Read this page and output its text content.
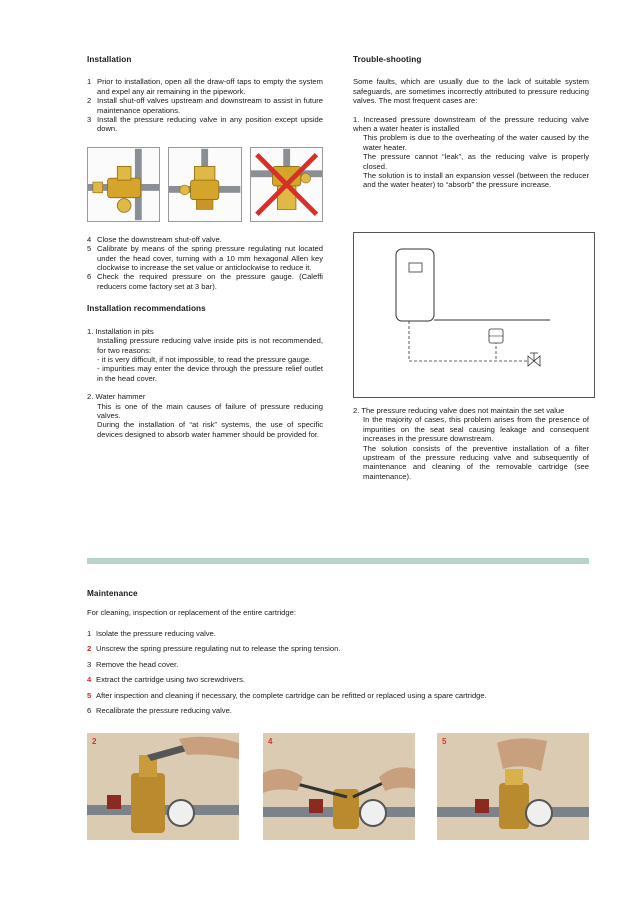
Installation
1 Prior to installation, open all the draw-off taps to empty the system and expel any air remaining in the pipework.
2 Install shut-off valves upstream and downstream to assist in future maintenance operations.
3 Install the pressure reducing valve in any position except upside down.
4 Close the downstream shut-off valve.
5 Calibrate by means of the spring pressure regulating nut located under the head cover, turning with a 10 mm hexagonal Allen key clockwise to increase the set value or anticlockwise to reduce it.
6 Check the required pressure on the pressure gauge. (Caleffi reducers come factory set at 3 bar).
Installation recommendations

1. Installation in pits

Installing pressure reducing valve inside pits is not recommended, for two reasons:

- it is very difficult, if not impossible, to read the pressure gauge.

- impurities may enter the device through the pressure relief outlet in the head cover.

2. Water hammer

This is one of the main causes of failure of pressure reducing valves.

During the installation of “at risk” systems, the use of specific devices designed to absorb water hammer should be provided for.

Trouble-shooting

Some faults, which are usually due to the lack of suitable system safeguards, are sometimes incorrectly attributed to pressure reducing valves. The most frequent cases are:

1. Increased pressure downstream of the pressure reducing valve when a water heater is installed

This problem is due to the overheating of the water caused by the water heater.

The pressure cannot “leak”, as the reducing valve is properly closed.

The solution is to install an expansion vessel (between the reducer and the water heater) to “absorb” the pressure increase.

2. The pressure reducing valve does not maintain the set value

In the majority of cases, this problem arises from the presence of impurities on the seat seal causing leakage and consequent increases in the pressure downstream.

The solution consists of the preventive installation of a filter upstream of the pressure reducing valve and subsequently of maintenance and cleaning of the removable cartridge (see maintenance).

Maintenance

For cleaning, inspection or replacement of the entire cartridge:

1 Isolate the pressure reducing valve.
2 Unscrew the spring pressure regulating nut to release the spring tension.
3 Remove the head cover.
4 Extract the cartridge using two screwdrivers.
5 After inspection and cleaning if necessary, the complete cartridge can be refitted or replaced using a spare cartridge.
6 Recalibrate the pressure reducing valve.
2	4	5
